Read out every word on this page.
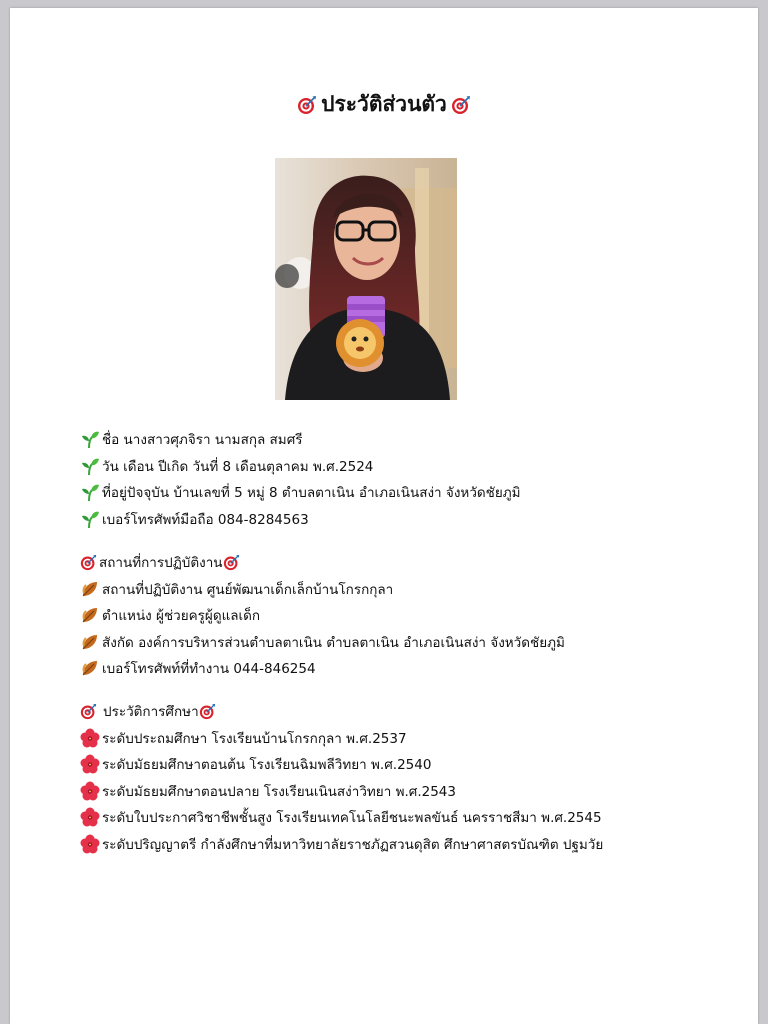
ประวัติส่วนตัว
ชื่อ นางสาวศุภจิรา นามสกุล สมศรี
วัน เดือน ปีเกิด วันที่ 8 เดือนตุลาคม พ.ศ.2524
ที่อยู่ปัจจุบัน บ้านเลขที่ 5 หมู่ 8 ตำบลตาเนิน อำเภอเนินสง่า จังหวัดชัยภูมิ
เบอร์โทรศัพท์มือถือ 084-8284563
สถานที่การปฏิบัติงาน
สถานที่ปฏิบัติงาน ศูนย์พัฒนาเด็กเล็กบ้านโกรกกุลา
ตำแหน่ง ผู้ช่วยครูผู้ดูแลเด็ก
สังกัด องค์การบริหารส่วนตำบลตาเนิน ตำบลตาเนิน อำเภอเนินสง่า จังหวัดชัยภูมิ
เบอร์โทรศัพท์ที่ทำงาน 044-846254
ประวัติการศึกษา
ระดับประถมศึกษา โรงเรียนบ้านโกรกกุลา พ.ศ.2537
ระดับมัธยมศึกษาตอนต้น โรงเรียนฉิมพลีวิทยา พ.ศ.2540
ระดับมัธยมศึกษาตอนปลาย โรงเรียนเนินสง่าวิทยา พ.ศ.2543
ระดับใบประกาศวิชาชีพชั้นสูง โรงเรียนเทคโนโลยีชนะพลขันธ์ นครราชสีมา พ.ศ.2545
ระดับปริญญาตรี กำลังศึกษาที่มหาวิทยาลัยราชภัฏสวนดุสิต ศึกษาศาสตรบัณฑิต ปฐมวัย
